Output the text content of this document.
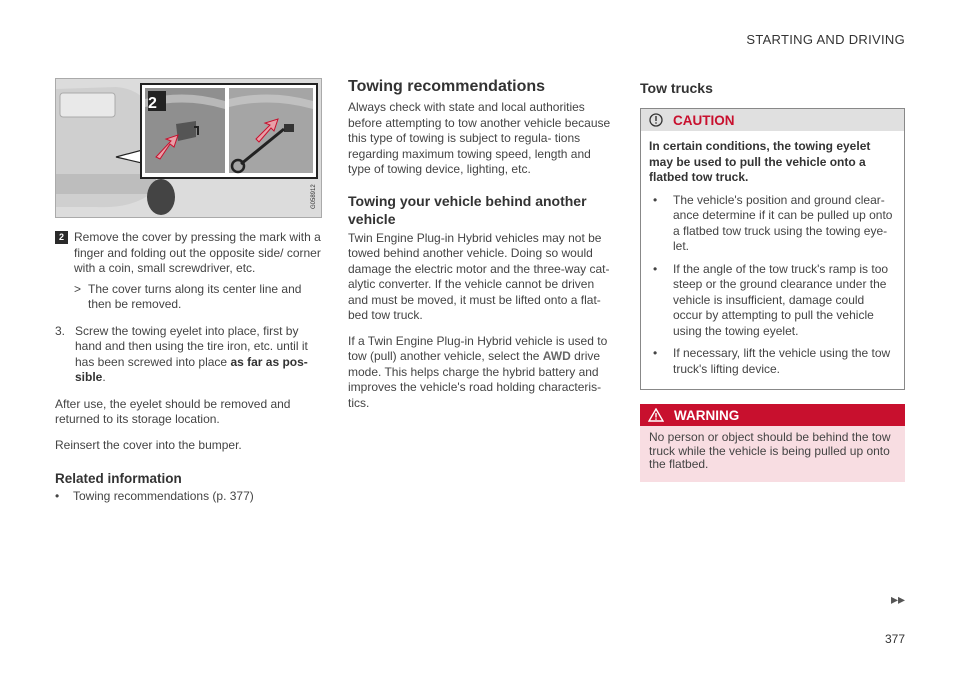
STARTING AND DRIVING
2
G058912
2 Remove the cover by pressing the mark with a finger and folding out the opposite side/ corner with a coin, small screwdriver, etc.

> The cover turns along its center line and then be removed.

3. Screw the towing eyelet into place, first by hand and then using the tire iron, etc. until it has been screwed into place as far as pos- sible.

After use, the eyelet should be removed and returned to its storage location.

Reinsert the cover into the bumper.

Related information
•	Towing recommendations (p. 377)

Towing recommendations

Always check with state and local authorities before attempting to tow another vehicle because this type of towing is subject to regula- tions regarding maximum towing speed, length and type of towing device, lighting, etc.

Towing your vehicle behind another vehicle

Twin Engine Plug-in Hybrid vehicles may not be towed behind another vehicle. Doing so would damage the electric motor and the three-way cat- alytic converter. If the vehicle cannot be driven and must be moved, it must be lifted onto a flat- bed tow truck.

If a Twin Engine Plug-in Hybrid vehicle is used to tow (pull) another vehicle, select the AWD drive mode. This helps charge the hybrid battery and improves the vehicle's road holding characteris- tics.

Tow trucks
CAUTION

In certain conditions, the towing eyelet may be used to pull the vehicle onto a flatbed tow truck.

•	The vehicle's position and ground clear- ance determine if it can be pulled up onto a flatbed tow truck using the towing eye- let.

•	If the angle of the tow truck's ramp is too steep or the ground clearance under the vehicle is insufficient, damage could occur by attempting to pull the vehicle using the towing eyelet.

•	If necessary, lift the vehicle using the tow truck's lifting device.

WARNING
No person or object should be behind the tow truck while the vehicle is being pulled up onto the flatbed.
▸▸
377
